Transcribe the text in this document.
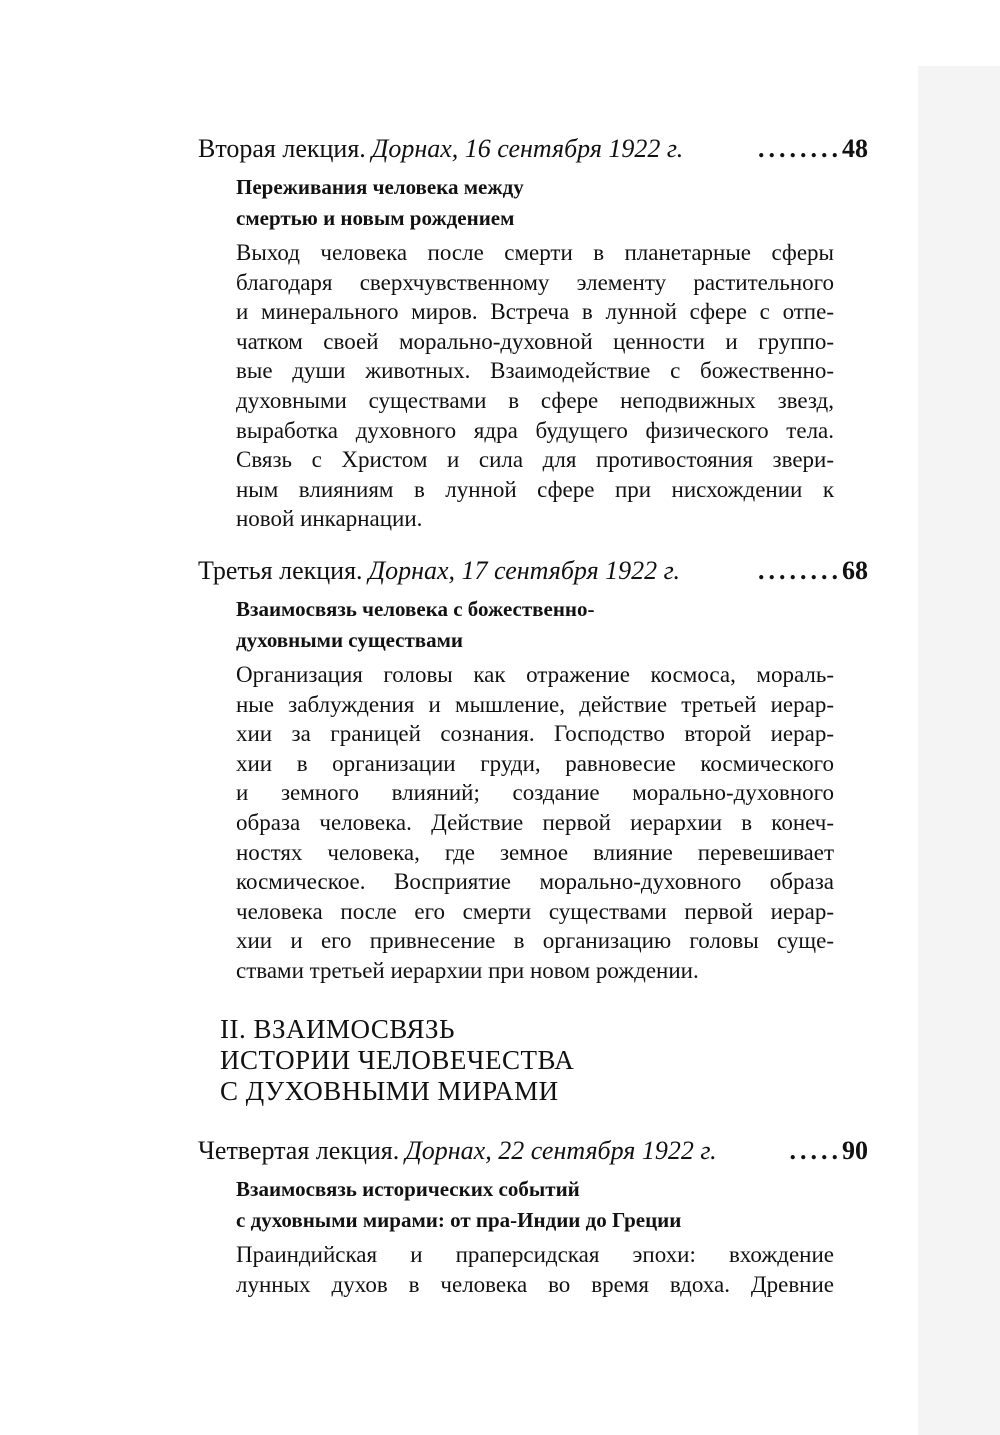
Вторая лекция. Дорнах, 16 сентября 1922 г.	........ 48
Переживания человека между
смертью и новым рождением
Выход человека после смерти в планетарные сферы
благодаря сверхчувственному элементу растительного
и минерального миров. Встреча в лунной сфере с отпе-
чатком своей морально-духовной ценности и группо-
вые души животных. Взаимодействие с божественно-
духовными существами в сфере неподвижных звезд,
выработка духовного ядра будущего физического тела.
Связь с Христом и сила для противостояния звери-
ным влияниям в лунной сфере при нисхождении к
новой инкарнации.
Третья лекция. Дорнах, 17 сентября 1922 г.	........ 68
Взаимосвязь человека с божественно-
духовными существами
Организация головы как отражение космоса, мораль-
ные заблуждения и мышление, действие третьей иерар-
хии за границей сознания. Господство второй иерар-
хии в организации груди, равновесие космического
и земного влияний; создание морально-духовного
образа человека. Действие первой иерархии в конеч-
ностях человека, где земное влияние перевешивает
космическое. Восприятие морально-духовного образа
человека после его смерти существами первой иерар-
хии и его привнесение в организацию головы суще-
ствами третьей иерархии при новом рождении.
II. ВЗАИМОСВЯЗЬ
ИСТОРИИ ЧЕЛОВЕЧЕСТВА
С ДУХОВНЫМИ МИРАМИ
Четвертая лекция. Дорнах, 22 сентября 1922 г.	..... 90
Взаимосвязь исторических событий
с духовными мирами: от пра-Индии до Греции
Праиндийская и праперсидская эпохи: вхождение
лунных духов в человека во время вдоха. Древние
